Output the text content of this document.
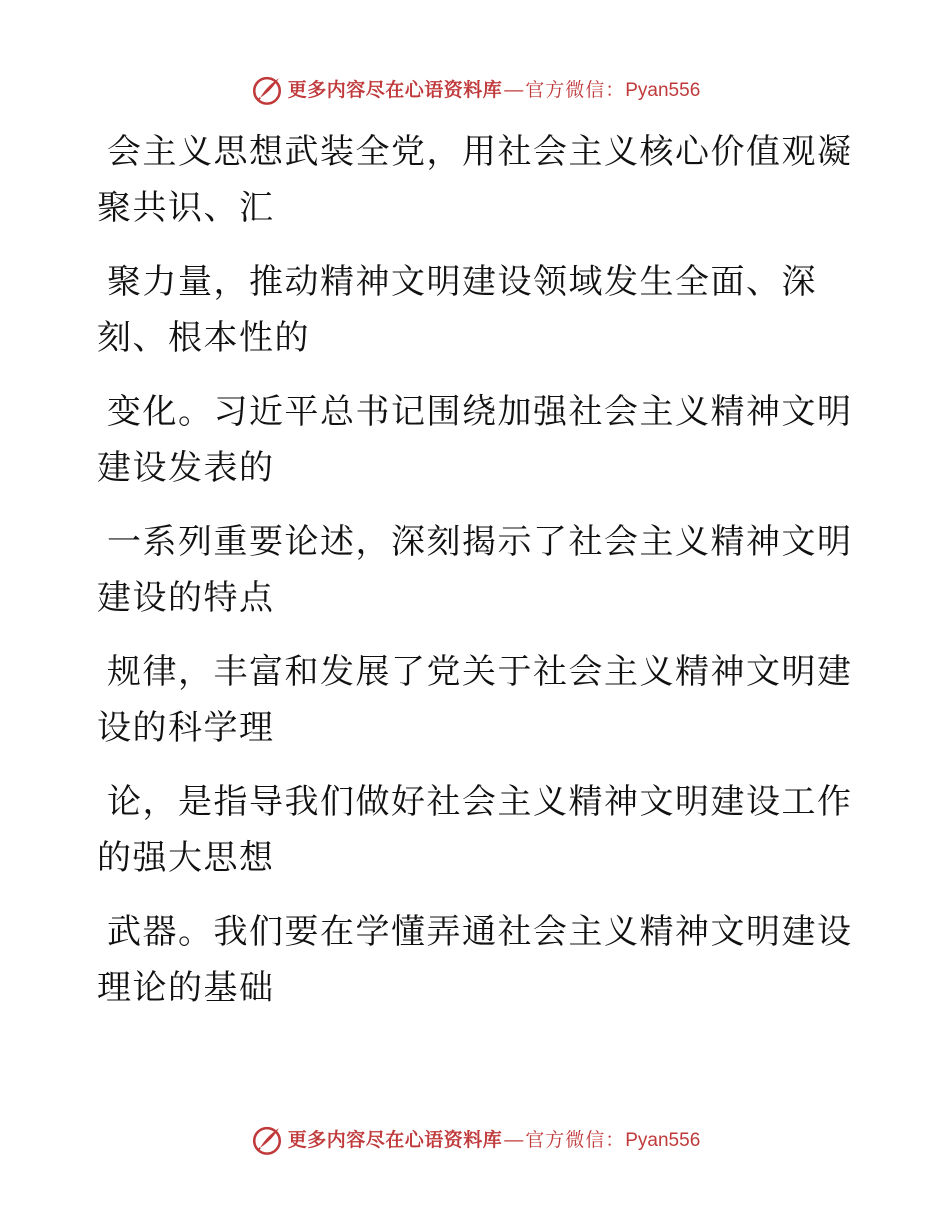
更多内容尽在心语资料库 — 官方微信： Pyan556
会主义思想武装全党，用社会主义核心价值观凝
聚共识、汇
聚力量，推动精神文明建设领域发生全面、深
刻、根本性的
变化。习近平总书记围绕加强社会主义精神文明
建设发表的
一系列重要论述，深刻揭示了社会主义精神文明
建设的特点
规律，丰富和发展了党关于社会主义精神文明建
设的科学理
论，是指导我们做好社会主义精神文明建设工作
的强大思想
武器。我们要在学懂弄通社会主义精神文明建设
理论的基础
更多内容尽在心语资料库 — 官方微信： Pyan556
